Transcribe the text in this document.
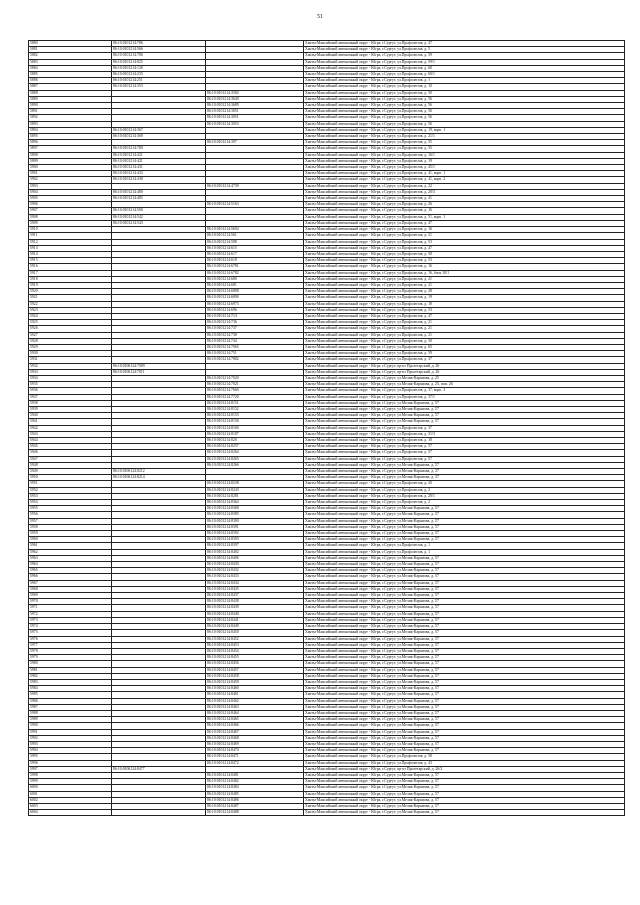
51
5880	86:10:0101214:786		Ханты-Мансийский автономный округ - Югра, г.Сургут, ул.Профсоюзов, д. 47
5881	86:10:0101214:566		Ханты-Мансийский автономный округ - Югра, г.Сургут, ул.Профсоюзов, д. 5
5882	86:10:0101214:786		Ханты-Мансийский автономный округ - Югра, г.Сургут, ул.Профсоюзов, д. 59
5883	86:10:0101214:825		Ханты-Мансийский автономный округ - Югра, г.Сургут, ул.Профсоюзов, д. 59/1
5884	86:10:0101214:126		Ханты-Мансийский автономный округ - Югра, г.Сургут, ул.Профсоюзов, д. 60
5885	86:10:0101214:235		Ханты-Мансийский автономный округ - Югра, г.Сургут, ул.Профсоюзов, д. 60/1
5886	86:10:0101214:251		Ханты-Мансийский автономный округ - Югра, г.Сургут, ул.Профсоюзов, д. 1
5887	86:10:0101214:353		Ханты-Мансийский автономный округ - Югра, г.Сургут, ул.Профсоюзов, д. 10
5888		86:10:0101214:3582	Ханты-Мансийский автономный округ - Югра, г.Сургут, ул.Профсоюзов, д. 50
5889		86:10:0101214:3649	Ханты-Мансийский автономный округ - Югра, г.Сургут, ул.Профсоюзов, д. 56
5890		86:10:0101214:3689	Ханты-Мансийский автономный округ - Югра, г.Сургут, ул.Профсоюзов, д. 56
5891		86:10:0101214:3051	Ханты-Мансийский автономный округ - Югра, г.Сургут, ул.Профсоюзов, д. 56
5892		86:10:0101214:3051	Ханты-Мансийский автономный округ - Югра, г.Сургут, ул.Профсоюзов, д. 56
5893		86:10:0101214:3053	Ханты-Мансийский автономный округ - Югра, г.Сургут, ул.Профсоюзов, д. 56
5894	86:10:0101214:367		Ханты-Мансийский автономный округ - Югра, г.Сургут, ул.Профсоюзов, д. 19, корп. 1
5895	86:10:0101214:368		Ханты-Мансийский автономный округ - Югра, г.Сургут, ул.Профсоюзов, д. 21/1
5896		86:10:0101214:397	Ханты-Мансийский автономный округ - Югра, г.Сургут, ул.Профсоюзов, д. 55
5897	86:10:0101214:780		Ханты-Мансийский автономный округ - Югра, г.Сургут, ул.Профсоюзов, д. 35
5898	86:10:0101214:421		Ханты-Мансийский автономный округ - Югра, г.Сургут, ул.Профсоюзов, д. 16/1
5899	86:10:0101214:421		Ханты-Мансийский автономный округ - Югра, г.Сургут, ул.Профсоюзов, д. 19
5900	86:10:0101214:431		Ханты-Мансийский автономный округ - Югра, г.Сургут, ул.Профсоюзов, д. 45/1
5901	86:10:0101214:433		Ханты-Мансийский автономный округ - Югра, г.Сургут, ул.Профсоюзов, д. 41, корп. 1
5902	86:10:0101214:438		Ханты-Мансийский автономный округ - Югра, г.Сургут, ул.Профсоюзов, д. 41, корп. 2
5903		86:10:0101214:4739	Ханты-Мансийский автономный округ - Югра, г.Сургут, ул.Профсоюзов, д. 22
5904	86:10:0101214:480		Ханты-Мансийский автономный округ - Югра, г.Сургут, ул.Профсоюзов, д. 20/3
5905	86:10:0101214:485		Ханты-Мансийский автономный округ - Югра, г.Сургут, ул.Профсоюзов, д. 41
5906		86:10:0101214:5163	Ханты-Мансийский автономный округ - Югра, г.Сургут, ул.Профсоюзов, д. 26
5907	86:10:0101214:500		Ханты-Мансийский автономный округ - Югра, г.Сургут, ул.Профсоюзов, д. 16
5908	86:10:0101214:542		Ханты-Мансийский автономный округ - Югра, г.Сургут, ул.Профсоюзов, д. 51, корп. 1
5909	86:10:0101214:543		Ханты-Мансийский автономный округ - Югра, г.Сургут, ул.Профсоюзов, д. 47
5910		86:10:0101214:5604	Ханты-Мансийский автономный округ - Югра, г.Сургут, ул.Профсоюзов, д. 16
5911		86:10:0101214:561	Ханты-Мансийский автономный округ - Югра, г.Сургут, ул.Профсоюзов, д. 21
5912		86:10:0101214:588	Ханты-Мансийский автономный округ - Югра, г.Сургут, ул.Профсоюзов, д. 53
5913		86:10:0101214:615	Ханты-Мансийский автономный округ - Югра, г.Сургут, ул.Профсоюзов, д. 47
5914		86:10:0101214:617	Ханты-Мансийский автономный округ - Югра, г.Сургут, ул.Профсоюзов, д. 58
5915		86:10:0101214:618	Ханты-Мансийский автономный округ - Югра, г.Сургут, ул.Профсоюзов, д. 53
5916		86:10:0101214:6781	Ханты-Мансийский автономный округ - Югра, г.Сургут, ул.Профсоюзов, д. 16
5917		86:10:0101214:6782	Ханты-Мансийский автономный округ - Югра, г.Сургут, ул.Профсоюзов, д. 16, блок 10/1
5918		86:10:0101214:680	Ханты-Мансийский автономный округ - Югра, г.Сургут, ул.Профсоюзов, д. 21
5919		86:10:0101214:681	Ханты-Мансийский автономный округ - Югра, г.Сургут, ул.Профсоюзов, д. 21
5920		86:10:0101214:6888	Ханты-Мансийский автономный округ - Югра, г.Сургут, ул.Профсоюзов, д. 28
5921		86:10:0101214:6890	Ханты-Мансийский автономный округ - Югра, г.Сургут, ул.Профсоюзов, д. 19
5922		86:10:0101214:6973	Ханты-Мансийский автономный округ - Югра, г.Сургут, ул.Профсоюзов, д. 18
5923		86:10:0101214:696	Ханты-Мансийский автономный округ - Югра, г.Сургут, ул.Профсоюзов, д. 53
5924		86:10:0101214:713	Ханты-Мансийский автономный округ - Югра, г.Сургут, ул.Профсоюзов, д. 47
5925		86:10:0101214:736	Ханты-Мансийский автономный округ - Югра, г.Сургут, ул.Профсоюзов, д. 21
5926		86:10:0101214:737	Ханты-Мансийский автономный округ - Югра, г.Сургут, ул.Профсоюзов, д. 21
5927		86:10:0101214:738	Ханты-Мансийский автономный округ - Югра, г.Сургут, ул.Профсоюзов, д. 21
5928		86:10:0101214:744	Ханты-Мансийский автономный округ - Югра, г.Сургут, ул.Профсоюзов, д. 50
5929		86:10:0101214:7065	Ханты-Мансийский автономный округ - Югра, г.Сургут, ул.Профсоюзов, д. 65
5930		86:10:0101214:751	Ханты-Мансийский автономный округ - Югра, г.Сургут, ул.Профсоюзов, д. 59
5931		86:10:0101214:7882	Ханты-Мансийский автономный округ - Югра, г.Сургут, ул.Профсоюзов, д. 37
5932	86:10:0106124:7009		Ханты-Мансийский автономный округ - Югра, г.Сургут, пр-кт Пролетарский, д. 26
5933	86:10:0106124:7011		Ханты-Мансийский автономный округ - Югра, г.Сургут, пр-кт Пролетарский, д. 26
5934		86:10:0101214:7020	Ханты-Мансийский автономный округ - Югра, г.Сургут, ул.Мелик-Карамова, д. 25
5935		86:10:0101214:7021	Ханты-Мансийский автономный округ - Югра, г.Сургут, ул.Мелик-Карамова, д. 25, пом. 26
5936		86:10:0101214:7660	Ханты-Мансийский автономный округ - Югра, г.Сургут, ул.Профсоюзов, д. 37, корп. 2
5937		86:10:0101214:7720	Ханты-Мансийский автономный округ - Югра, г.Сургут, ул.Профсоюзов, д. 37/1
5938		86:10:0101214:8151	Ханты-Мансийский автономный округ - Югра, г.Сургут, ул.Мелик-Карамова, д. 57
5939		86:10:0101214:8152	Ханты-Мансийский автономный округ - Югра, г.Сургут, ул.Мелик-Карамова, д. 57
5940		86:10:0101214:8153	Ханты-Мансийский автономный округ - Югра, г.Сургут, ул.Мелик-Карамова, д. 57
5941		86:10:0101214:8156	Ханты-Мансийский автономный округ - Югра, г.Сургут, ул.Мелик-Карамова, д. 57
5942		86:10:0101214:8160	Ханты-Мансийский автономный округ - Югра, г.Сургут, ул.Профсоюзов, д. 37
5943		86:10:0101214:8187	Ханты-Мансийский автономный округ - Югра, г.Сургут, ул.Профсоюзов, д. 31/3
5944		86:10:0101214:820	Ханты-Мансийский автономный округ - Югра, г.Сургут, ул.Профсоюзов, д. 18
5945		86:10:0101214:8257	Ханты-Мансийский автономный округ - Югра, г.Сургут, ул.Профсоюзов, д. 57
5946		86:10:0101214:8264	Ханты-Мансийский автономный округ - Югра, г.Сургут, ул.Профсоюзов, д. 57
5947		86:10:0101214:8265	Ханты-Мансийский автономный округ - Югра, г.Сургут, ул.Профсоюзов, д. 57
5948		86:10:0101214:8266	Ханты-Мансийский автономный округ - Югра, г.Сургут, ул.Мелик-Карамова, д. 57
5949	86:10:0106124:8212		Ханты-Мансийский автономный округ - Югра, г.Сургут, ул.Мелик-Карамова, д. 37
5950	86:10:0106124:8214		Ханты-Мансийский автономный округ - Югра, г.Сургут, ул.Мелик-Карамова, д. 37
5951		86:10:0101214:8238	Ханты-Мансийский автономный округ - Югра, г.Сургут, ул.Профсоюзов, д. 20
5952		86:10:0101214:8243	Ханты-Мансийский автономный округ - Югра, г.Сургут, ул.Профсоюзов, д. 2
5953		86:10:0101214:8281	Ханты-Мансийский автономный округ - Югра, г.Сургут, ул.Профсоюзов, д. 20/1
5954		86:10:0101214:8364	Ханты-Мансийский автономный округ - Югра, г.Сургут, ул.Профсоюзов, д. 2
5955		86:10:0101214:8368	Ханты-Мансийский автономный округ - Югра, г.Сургут, ул.Мелик-Карамова, д. 57
5956		86:10:0101214:8385	Ханты-Мансийский автономный округ - Югра, г.Сургут, ул.Мелик-Карамова, д. 57
5957		86:10:0101214:8390	Ханты-Мансийский автономный округ - Югра, г.Сургут, ул.Мелик-Карамова, д. 57
5958		86:10:0101214:8391	Ханты-Мансийский автономный округ - Югра, г.Сургут, ул.Мелик-Карамова, д. 57
5959		86:10:0101214:8392	Ханты-Мансийский автономный округ - Югра, г.Сургут, ул.Мелик-Карамова, д. 57
5960		86:10:0101214:8393	Ханты-Мансийский автономный округ - Югра, г.Сургут, ул.Мелик-Карамова, д. 57
5961		86:10:0101214:8397	Ханты-Мансийский автономный округ - Югра, г.Сургут, ул.Профсоюзов, д. 1
5962		86:10:0101214:8402	Ханты-Мансийский автономный округ - Югра, г.Сургут, ул.Профсоюзов, д. 1
5963		86:10:0101214:8406	Ханты-Мансийский автономный округ - Югра, г.Сургут, ул.Мелик-Карамова, д. 57
5964		86:10:0101214:8430	Ханты-Мансийский автономный округ - Югра, г.Сургут, ул.Мелик-Карамова, д. 57
5965		86:10:0101214:8432	Ханты-Мансийский автономный округ - Югра, г.Сургут, ул.Мелик-Карамова, д. 57
5966		86:10:0101214:8433	Ханты-Мансийский автономный округ - Югра, г.Сургут, ул.Мелик-Карамова, д. 57
5967		86:10:0101214:8434	Ханты-Мансийский автономный округ - Югра, г.Сургут, ул.Мелик-Карамова, д. 57
5968		86:10:0101214:8435	Ханты-Мансийский автономный округ - Югра, г.Сургут, ул.Мелик-Карамова, д. 57
5969		86:10:0101214:8437	Ханты-Мансийский автономный округ - Югра, г.Сургут, ул.Мелик-Карамова, д. 57
5970		86:10:0101214:8438	Ханты-Мансийский автономный округ - Югра, г.Сургут, ул.Мелик-Карамова, д. 57
5971		86:10:0101214:8439	Ханты-Мансийский автономный округ - Югра, г.Сургут, ул.Мелик-Карамова, д. 57
5972		86:10:0101214:8440	Ханты-Мансийский автономный округ - Югра, г.Сургут, ул.Мелик-Карамова, д. 57
5973		86:10:0101214:8441	Ханты-Мансийский автономный округ - Югра, г.Сургут, ул.Мелик-Карамова, д. 57
5974		86:10:0101214:8449	Ханты-Мансийский автономный округ - Югра, г.Сургут, ул.Мелик-Карамова, д. 57
5975		86:10:0101214:8450	Ханты-Мансийский автономный округ - Югра, г.Сургут, ул.Мелик-Карамова, д. 57
5976		86:10:0101214:8452	Ханты-Мансийский автономный округ - Югра, г.Сургут, ул.Мелик-Карамова, д. 57
5977		86:10:0101214:8453	Ханты-Мансийский автономный округ - Югра, г.Сургут, ул.Мелик-Карамова, д. 57
5978		86:10:0101214:8454	Ханты-Мансийский автономный округ - Югра, г.Сургут, ул.Мелик-Карамова, д. 57
5979		86:10:0101214:8455	Ханты-Мансийский автономный округ - Югра, г.Сургут, ул.Мелик-Карамова, д. 57
5980		86:10:0101214:8456	Ханты-Мансийский автономный округ - Югра, г.Сургут, ул.Мелик-Карамова, д. 57
5981		86:10:0101214:8457	Ханты-Мансийский автономный округ - Югра, г.Сургут, ул.Мелик-Карамова, д. 57
5982		86:10:0101214:8458	Ханты-Мансийский автономный округ - Югра, г.Сургут, ул.Мелик-Карамова, д. 57
5983		86:10:0101214:8459	Ханты-Мансийский автономный округ - Югра, г.Сургут, ул.Мелик-Карамова, д. 57
5984		86:10:0101214:8460	Ханты-Мансийский автономный округ - Югра, г.Сургут, ул.Мелик-Карамова, д. 57
5985		86:10:0101214:8461	Ханты-Мансийский автономный округ - Югра, г.Сургут, ул.Мелик-Карамова, д. 57
5986		86:10:0101214:8462	Ханты-Мансийский автономный округ - Югра, г.Сургут, ул.Мелик-Карамова, д. 57
5987		86:10:0101214:8463	Ханты-Мансийский автономный округ - Югра, г.Сургут, ул.Мелик-Карамова, д. 57
5988		86:10:0101214:8464	Ханты-Мансийский автономный округ - Югра, г.Сургут, ул.Мелик-Карамова, д. 57
5989		86:10:0101214:8465	Ханты-Мансийский автономный округ - Югра, г.Сургут, ул.Мелик-Карамова, д. 57
5990		86:10:0101214:8466	Ханты-Мансийский автономный округ - Югра, г.Сургут, ул.Мелик-Карамова, д. 57
5991		86:10:0101214:8467	Ханты-Мансийский автономный округ - Югра, г.Сургут, ул.Мелик-Карамова, д. 57
5992		86:10:0101214:8468	Ханты-Мансийский автономный округ - Югра, г.Сургут, ул.Мелик-Карамова, д. 57
5993		86:10:0101214:8469	Ханты-Мансийский автономный округ - Югра, г.Сургут, ул.Мелик-Карамова, д. 57
5994		86:10:0101214:8470	Ханты-Мансийский автономный округ - Югра, г.Сургут, ул.Мелик-Карамова, д. 57
5995		86:10:0101214:8471	Ханты-Мансийский автономный округ - Югра, г.Сургут, ул.Профсоюзов, д. 58
5996		86:10:0101214:8472	Ханты-Мансийский автономный округ - Югра, г.Сургут, ул.Профсоюзов, д. 43
5997	86:10:0106124:8477		Ханты-Мансийский автономный округ - Югра, г.Сургут, пр-кт Пролетарский, д. 26/2
5998		86:10:0101214:8481	Ханты-Мансийский автономный округ - Югра, г.Сургут, ул.Мелик-Карамова, д. 57
5999		86:10:0101214:8482	Ханты-Мансийский автономный округ - Югра, г.Сургут, ул.Мелик-Карамова, д. 57
6000		86:10:0101214:8484	Ханты-Мансийский автономный округ - Югра, г.Сургут, ул.Мелик-Карамова, д. 57
6001		86:10:0101214:8485	Ханты-Мансийский автономный округ - Югра, г.Сургут, ул.Мелик-Карамова, д. 57
6002		86:10:0101214:8486	Ханты-Мансийский автономный округ - Югра, г.Сургут, ул.Мелик-Карамова, д. 57
6003		86:10:0101214:8487	Ханты-Мансийский автономный округ - Югра, г.Сургут, ул.Мелик-Карамова, д. 57
6004		86:10:0101214:8488	Ханты-Мансийский автономный округ - Югра, г.Сургут, ул.Мелик-Карамова, д. 57
